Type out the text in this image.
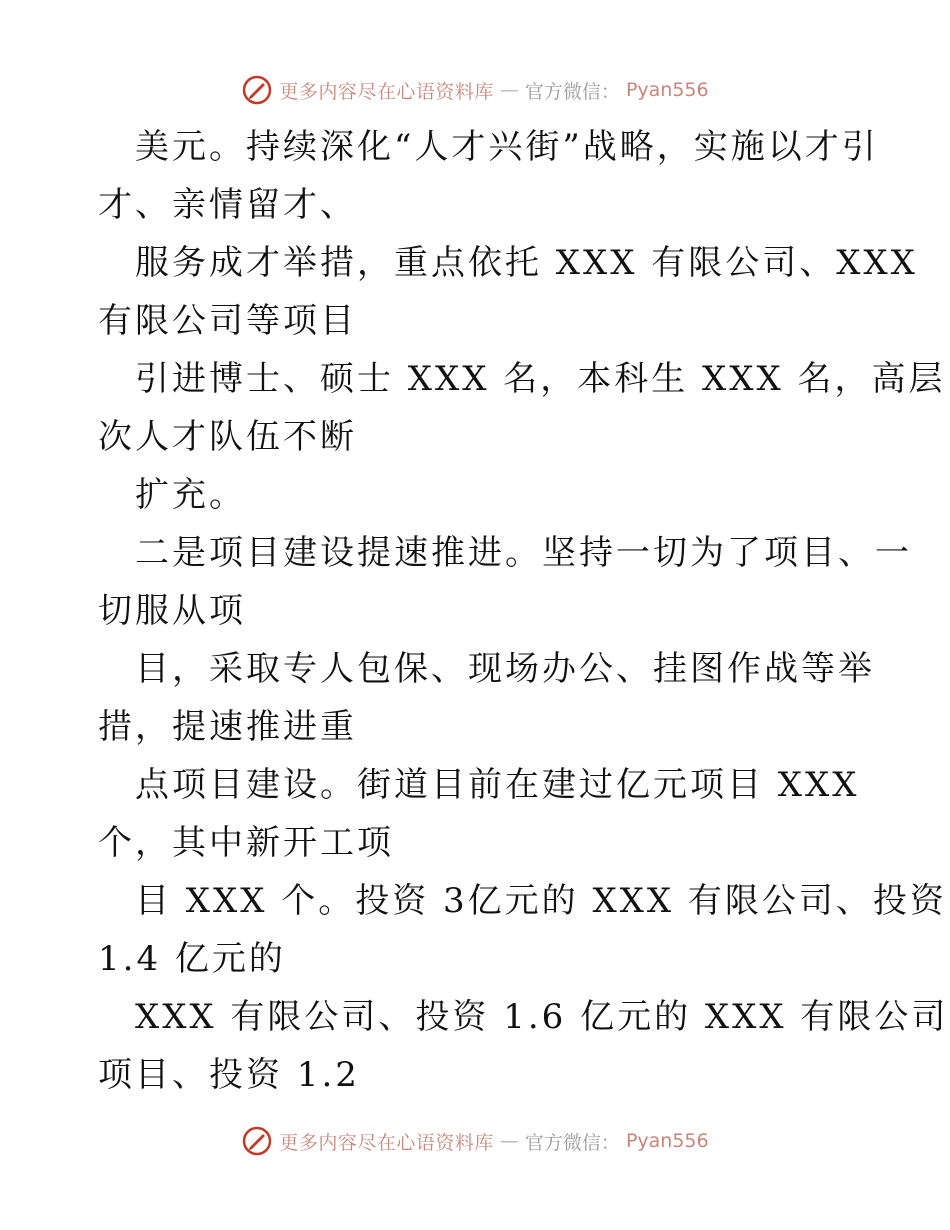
更多内容尽在心语资料库 — 官方微信： Pyan556
美元。持续深化“人才兴街”战略，实施以才引
才、亲情留才、
服务成才举措，重点依托 XXX 有限公司、XXX
有限公司等项目
引进博士、硕士 XXX 名，本科生 XXX 名，高层
次人才队伍不断
扩充。
二是项目建设提速推进。坚持一切为了项目、一
切服从项
目，采取专人包保、现场办公、挂图作战等举
措，提速推进重
点项目建设。街道目前在建过亿元项目 XXX
个，其中新开工项
目 XXX 个。投资 3亿元的 XXX 有限公司、投资
1.4 亿元的
XXX 有限公司、投资 1.6 亿元的 XXX 有限公司
项目、投资 1.2
更多内容尽在心语资料库 — 官方微信： Pyan556
